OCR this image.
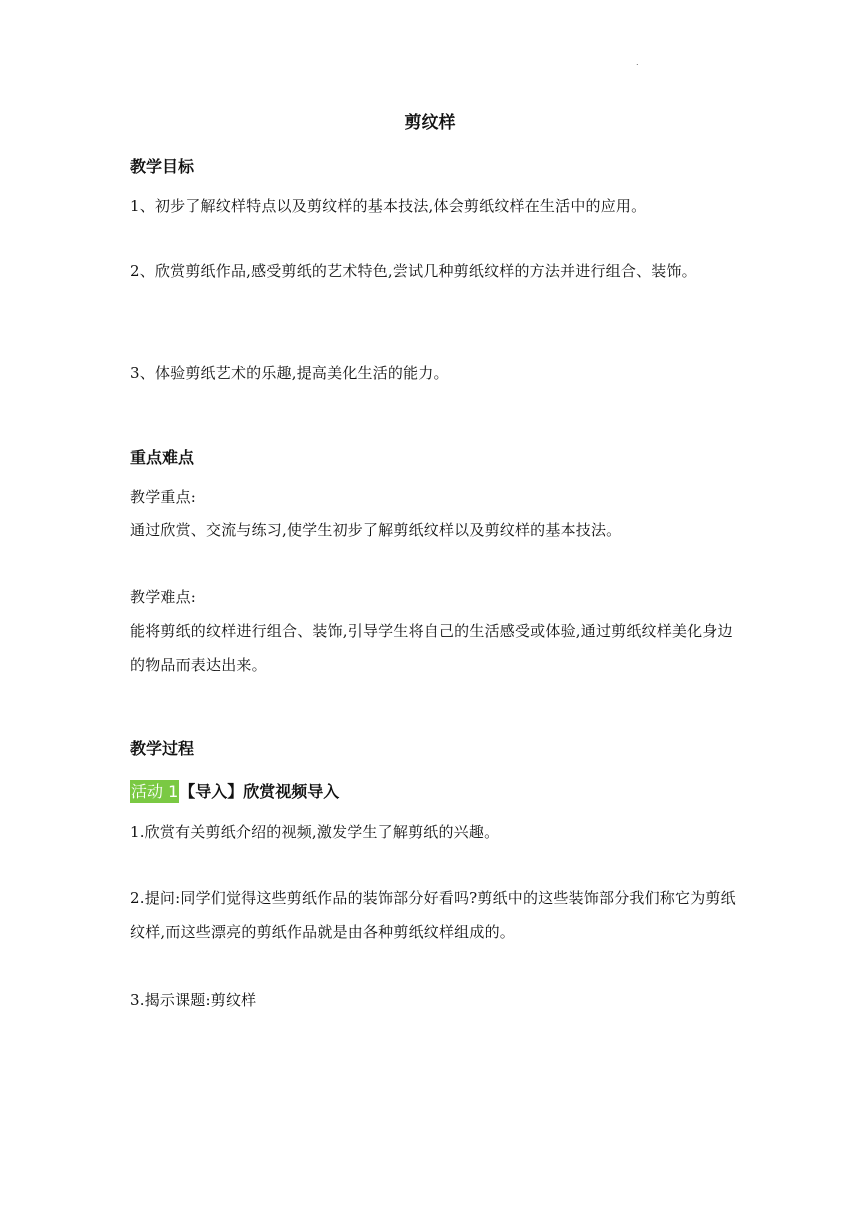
.
剪纹样
教学目标
1、初步了解纹样特点以及剪纹样的基本技法,体会剪纸纹样在生活中的应用。
2、欣赏剪纸作品,感受剪纸的艺术特色,尝试几种剪纸纹样的方法并进行组合、装饰。
3、体验剪纸艺术的乐趣,提高美化生活的能力。
重点难点
教学重点:
通过欣赏、交流与练习,使学生初步了解剪纸纹样以及剪纹样的基本技法。
教学难点:
能将剪纸的纹样进行组合、装饰,引导学生将自己的生活感受或体验,通过剪纸纹样美化身边的物品而表达出来。
教学过程
活动 1【导入】欣赏视频导入
1.欣赏有关剪纸介绍的视频,激发学生了解剪纸的兴趣。
2.提问:同学们觉得这些剪纸作品的装饰部分好看吗?剪纸中的这些装饰部分我们称它为剪纸纹样,而这些漂亮的剪纸作品就是由各种剪纸纹样组成的。
3.揭示课题:剪纹样
